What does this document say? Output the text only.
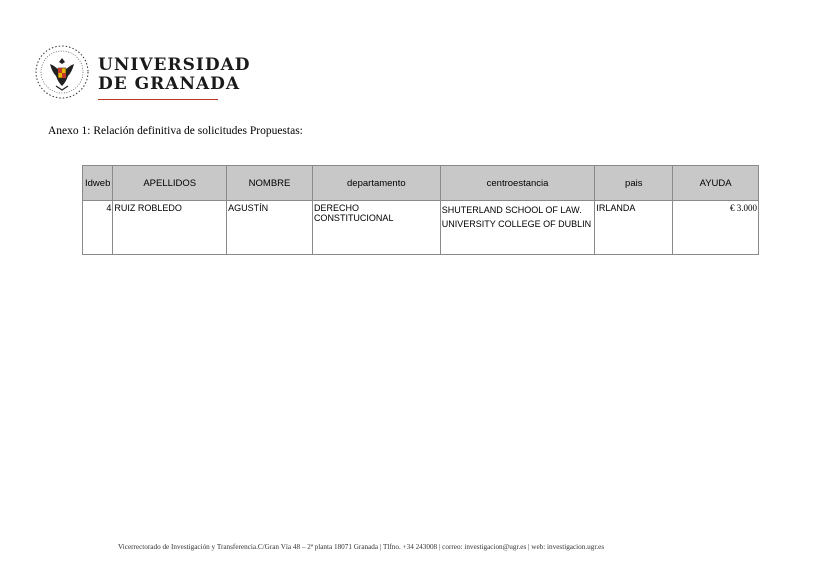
UNIVERSIDAD
DE GRANADA
Anexo 1: Relación definitiva de solicitudes Propuestas:
Idweb	APELLIDOS	NOMBRE	departamento	centroestancia	pais	AYUDA
4	RUIZ ROBLEDO	AGUSTÍN	DERECHO CONSTITUCIONAL	SHUTERLAND SCHOOL OF LAW. UNIVERSITY COLLEGE OF DUBLIN	IRLANDA	€ 3.000
Vicerrectorado de Investigación y Transferencia.C/Gran Vía 48 – 2ª planta 18071 Granada | Tlfno. +34 243008 | correo: investigacion@ugr.es | web: investigacion.ugr.es
